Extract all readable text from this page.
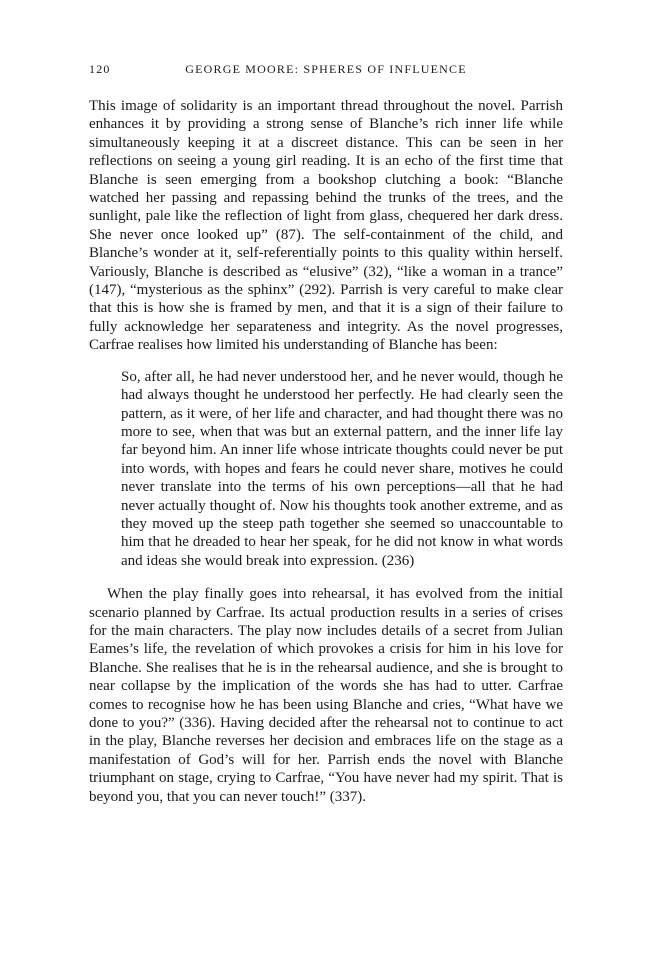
120	GEORGE MOORE: SPHERES OF INFLUENCE

This image of solidarity is an important thread throughout the novel. Parrish enhances it by providing a strong sense of Blanche’s rich inner life while simultaneously keeping it at a discreet distance. This can be seen in her reflections on seeing a young girl reading. It is an echo of the first time that Blanche is seen emerging from a bookshop clutching a book: “Blanche watched her passing and repassing behind the trunks of the trees, and the sunlight, pale like the reflection of light from glass, chequered her dark dress. She never once looked up” (87). The self-containment of the child, and Blanche’s wonder at it, self-referentially points to this quality within herself. Variously, Blanche is described as “elusive” (32), “like a woman in a trance” (147), “mysterious as the sphinx” (292). Parrish is very careful to make clear that this is how she is framed by men, and that it is a sign of their failure to fully acknowledge her separateness and integrity. As the novel progresses, Carfrae realises how limited his understanding of Blanche has been:

So, after all, he had never understood her, and he never would, though he had always thought he understood her perfectly. He had clearly seen the pattern, as it were, of her life and character, and had thought there was no more to see, when that was but an external pattern, and the inner life lay far beyond him. An inner life whose intricate thoughts could never be put into words, with hopes and fears he could never share, motives he could never translate into the terms of his own perceptions—all that he had never actually thought of. Now his thoughts took another extreme, and as they moved up the steep path together she seemed so unaccountable to him that he dreaded to hear her speak, for he did not know in what words and ideas she would break into expression. (236)

When the play finally goes into rehearsal, it has evolved from the initial scenario planned by Carfrae. Its actual production results in a series of crises for the main characters. The play now includes details of a secret from Julian Eames’s life, the revelation of which provokes a crisis for him in his love for Blanche. She realises that he is in the rehearsal audience, and she is brought to near collapse by the implication of the words she has had to utter. Carfrae comes to recognise how he has been using Blanche and cries, “What have we done to you?” (336). Having decided after the rehearsal not to continue to act in the play, Blanche reverses her decision and embraces life on the stage as a manifestation of God’s will for her. Parrish ends the novel with Blanche triumphant on stage, crying to Carfrae, “You have never had my spirit. That is beyond you, that you can never touch!” (337).
